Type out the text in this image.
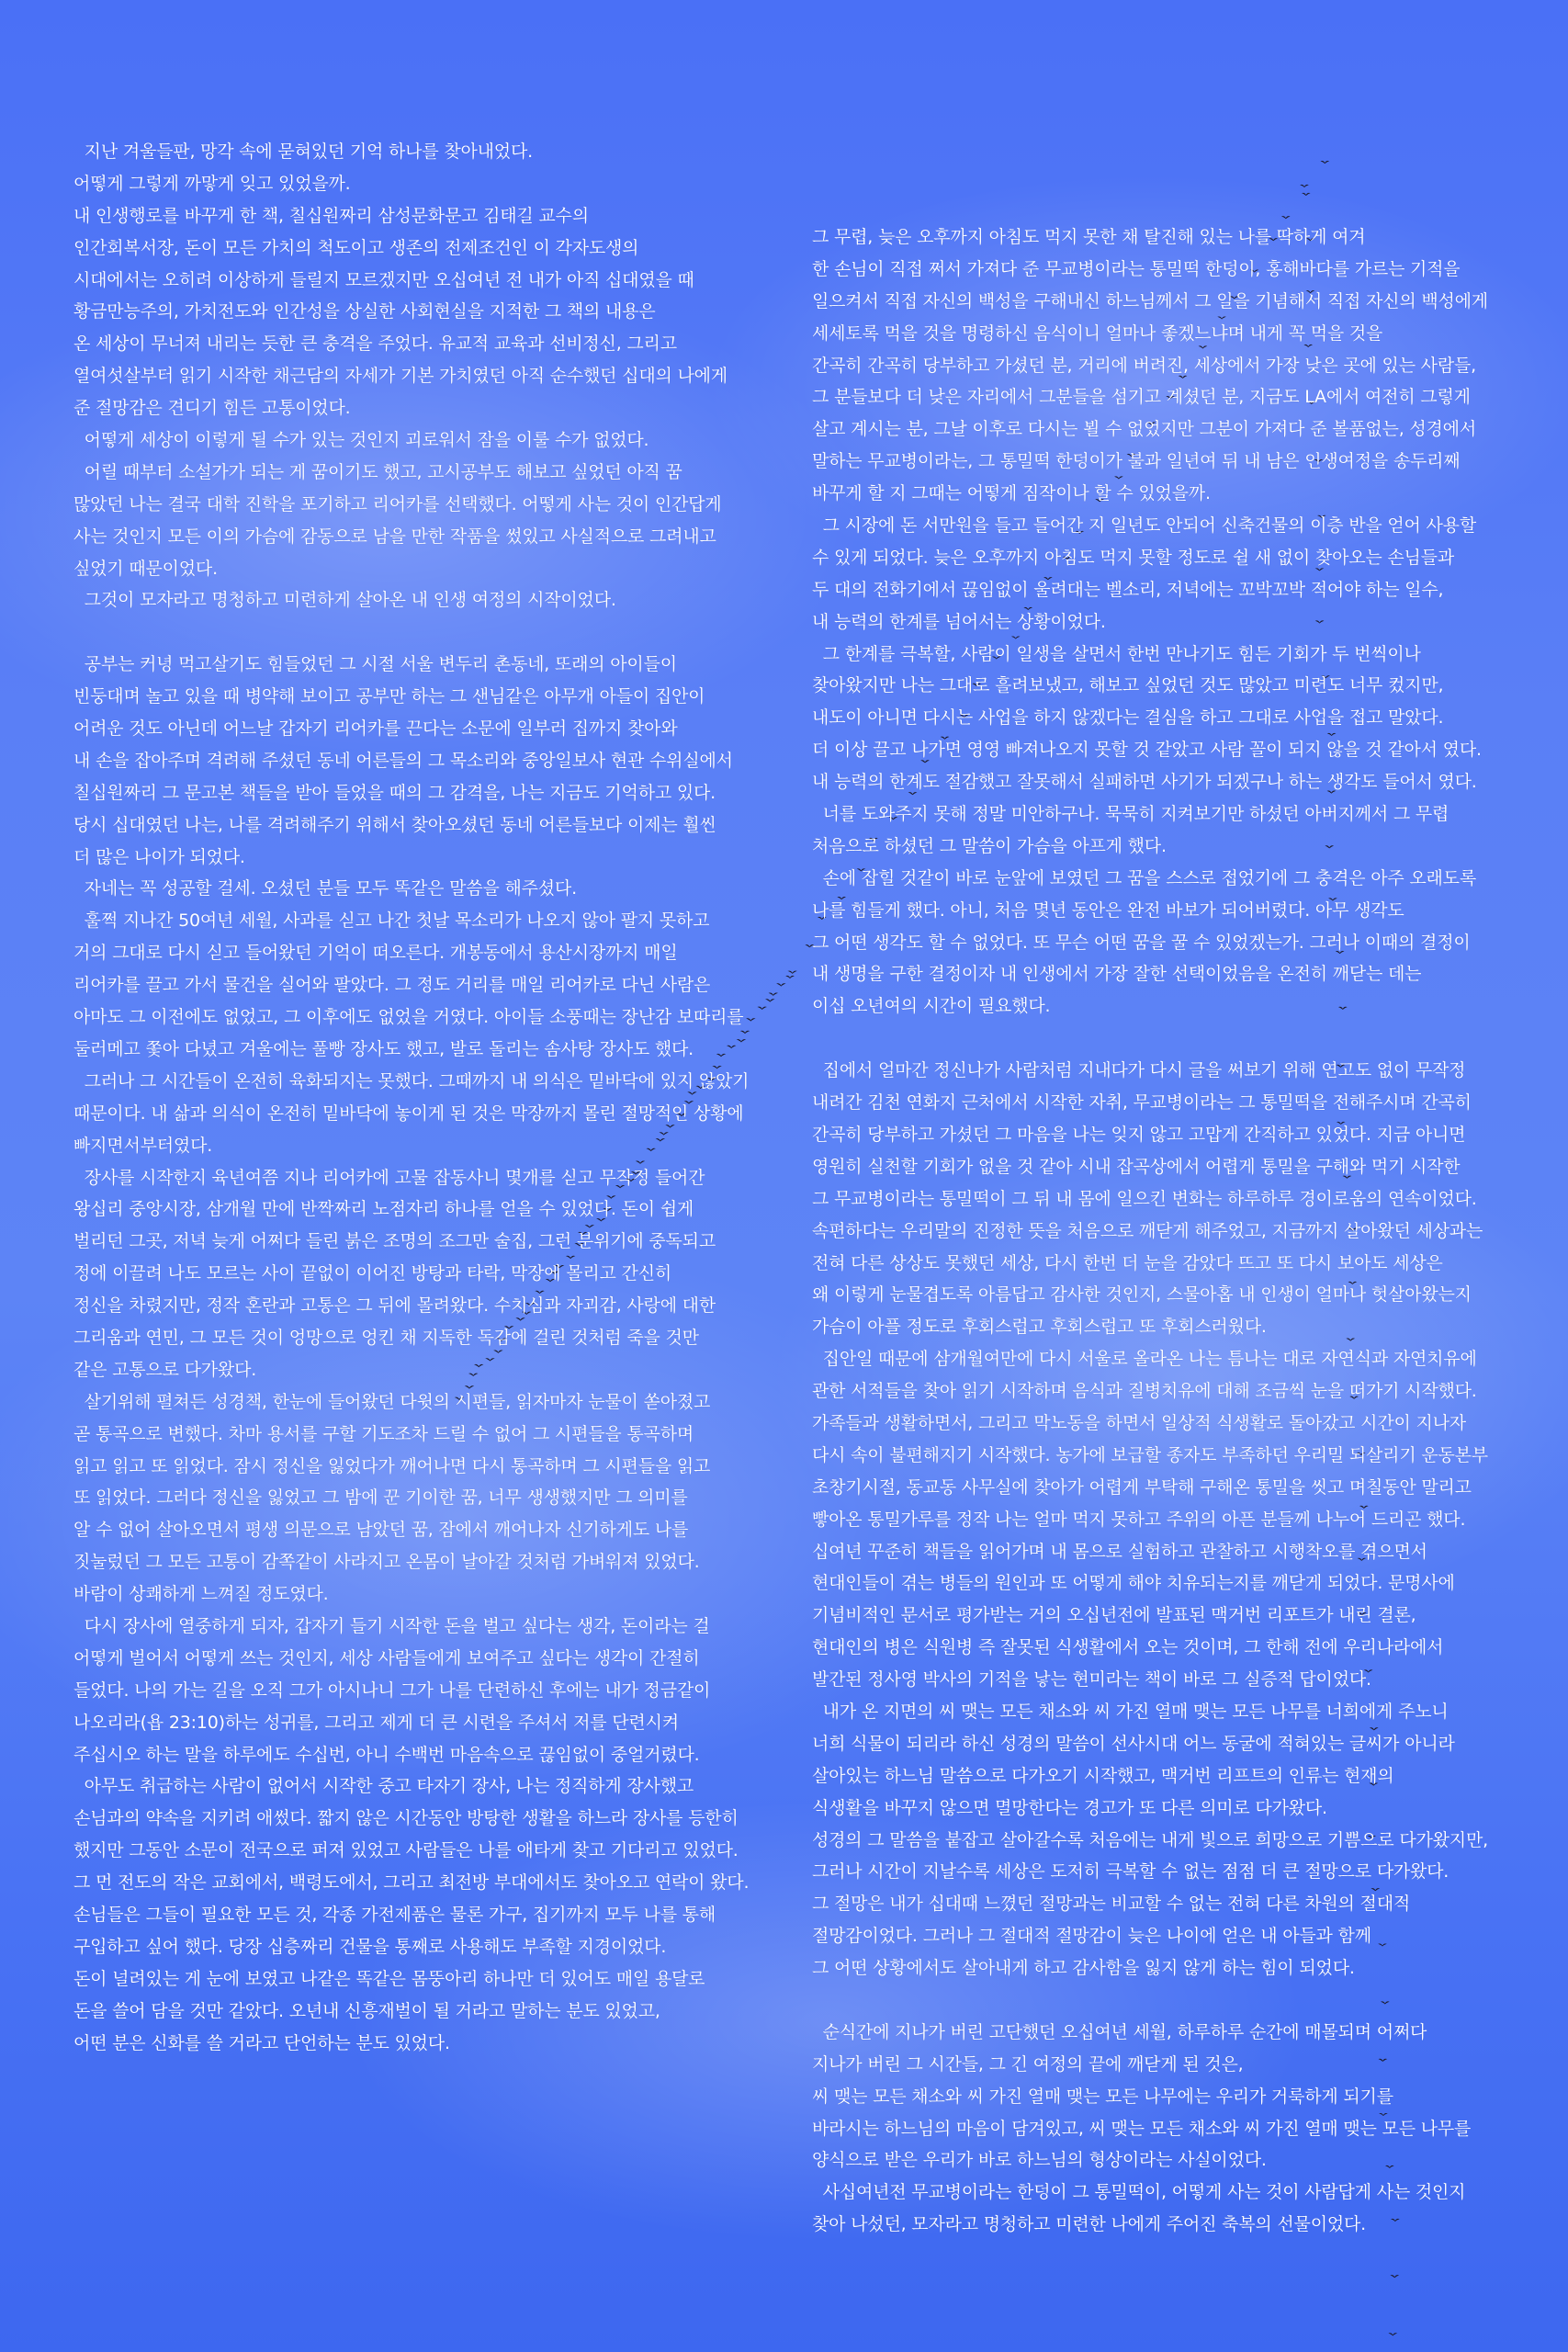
지난 겨울들판, 망각 속에 묻혀있던 기억 하나를 찾아내었다.
어떻게 그렇게 까맣게 잊고 있었을까.
내 인생행로를 바꾸게 한 책, 칠십원짜리 삼성문화문고 김태길 교수의
인간회복서장, 돈이 모든 가치의 척도이고 생존의 전제조건인 이 각자도생의
시대에서는 오히려 이상하게 들릴지 모르겠지만 오십여년 전 내가 아직 십대였을 때
황금만능주의, 가치전도와 인간성을 상실한 사회현실을 지적한 그 책의 내용은
온 세상이 무너져 내리는 듯한 큰 충격을 주었다. 유교적 교육과 선비정신, 그리고
열여섯살부터 읽기 시작한 채근담의 자세가 기본 가치였던 아직 순수했던 십대의 나에게
준 절망감은 견디기 힘든 고통이었다.
어떻게 세상이 이렇게 될 수가 있는 것인지 괴로워서 잠을 이룰 수가 없었다.
어릴 때부터 소설가가 되는 게 꿈이기도 했고, 고시공부도 해보고 싶었던 아직 꿈
많았던 나는 결국 대학 진학을 포기하고 리어카를 선택했다. 어떻게 사는 것이 인간답게
사는 것인지 모든 이의 가슴에 감동으로 남을 만한 작품을 썼있고 사실적으로 그려내고
싶었기 때문이었다.
그것이 모자라고 명청하고 미련하게 살아온 내 인생 여정의 시작이었다.

공부는 커녕 먹고살기도 힘들었던 그 시절 서울 변두리 촌동네, 또래의 아이들이
빈둥대며 놀고 있을 때 병약해 보이고 공부만 하는 그 샌님같은 아무개 아들이 집안이
어려운 것도 아닌데 어느날 갑자기 리어카를 끈다는 소문에 일부러 집까지 찾아와
내 손을 잡아주며 격려해 주셨던 동네 어른들의 그 목소리와 중앙일보사 현관 수위실에서
칠십원짜리 그 문고본 책들을 받아 들었을 때의 그 감격을, 나는 지금도 기억하고 있다.
당시 십대였던 나는, 나를 격려해주기 위해서 찾아오셨던 동네 어른들보다 이제는 훨씬
더 많은 나이가 되었다.
자네는 꼭 성공할 걸세. 오셨던 분들 모두 똑같은 말씀을 해주셨다.
훌쩍 지나간 50여년 세월, 사과를 싣고 나간 첫날 목소리가 나오지 않아 팔지 못하고
거의 그대로 다시 싣고 들어왔던 기억이 떠오른다. 개봉동에서 용산시장까지 매일
리어카를 끌고 가서 물건을 실어와 팔았다. 그 정도 거리를 매일 리어카로 다닌 사람은
아마도 그 이전에도 없었고, 그 이후에도 없었을 거였다. 아이들 소풍때는 장난감 보따리를
둘러메고 쫓아 다녔고 겨울에는 풀빵 장사도 했고, 발로 돌리는 솜사탕 장사도 했다.
그러나 그 시간들이 온전히 육화되지는 못했다. 그때까지 내 의식은 밑바닥에 있지 않았기
때문이다. 내 삶과 의식이 온전히 밑바닥에 놓이게 된 것은 막장까지 몰린 절망적인 상황에
빠지면서부터였다.
장사를 시작한지 육년여쯤 지나 리어카에 고물 잡동사니 몇개를 싣고 무작정 들어간
왕십리 중앙시장, 삼개월 만에 반짝짜리 노점자리 하나를 얻을 수 있었다. 돈이 쉽게
벌리던 그곳, 저녁 늦게 어쩌다 들린 붉은 조명의 조그만 술집, 그런 분위기에 중독되고
정에 이끌려 나도 모르는 사이 끝없이 이어진 방탕과 타락, 막장에 몰리고 간신히
정신을 차렸지만, 정작 혼란과 고통은 그 뒤에 몰려왔다. 수치심과 자괴감, 사랑에 대한
그리움과 연민, 그 모든 것이 엉망으로 엉킨 채 지독한 독감에 걸린 것처럼 죽을 것만
같은 고통으로 다가왔다.
살기위해 펼쳐든 성경책, 한눈에 들어왔던 다윗의 시편들, 읽자마자 눈물이 쏟아졌고
곧 통곡으로 변했다. 차마 용서를 구할 기도조차 드릴 수 없어 그 시편들을 통곡하며
읽고 읽고 또 읽었다. 잠시 정신을 잃었다가 깨어나면 다시 통곡하며 그 시편들을 읽고
또 읽었다. 그러다 정신을 잃었고 그 밤에 꾼 기이한 꿈, 너무 생생했지만 그 의미를
알 수 없어 살아오면서 평생 의문으로 남았던 꿈, 잠에서 깨어나자 신기하게도 나를
짓눌렀던 그 모든 고통이 감쪽같이 사라지고 온몸이 날아갈 것처럼 가벼워져 있었다.
바람이 상쾌하게 느껴질 정도였다.
다시 장사에 열중하게 되자, 갑자기 들기 시작한 돈을 벌고 싶다는 생각, 돈이라는 걸
어떻게 벌어서 어떻게 쓰는 것인지, 세상 사람들에게 보여주고 싶다는 생각이 간절히
들었다. 나의 가는 길을 오직 그가 아시나니 그가 나를 단련하신 후에는 내가 정금같이
나오리라(욥 23:10)하는 성귀를, 그리고 제게 더 큰 시련을 주셔서 저를 단련시켜
주십시오 하는 말을 하루에도 수십번, 아니 수백번 마음속으로 끊임없이 중얼거렸다.
아무도 취급하는 사람이 없어서 시작한 중고 타자기 장사, 나는 정직하게 장사했고
손님과의 약속을 지키려 애썼다. 짧지 않은 시간동안 방탕한 생활을 하느라 장사를 등한히
했지만 그동안 소문이 전국으로 퍼져 있었고 사람들은 나를 애타게 찾고 기다리고 있었다.
그 먼 전도의 작은 교회에서, 백령도에서, 그리고 최전방 부대에서도 찾아오고 연락이 왔다.
손님들은 그들이 필요한 모든 것, 각종 가전제품은 물론 가구, 집기까지 모두 나를 통해
구입하고 싶어 했다. 당장 십층짜리 건물을 통째로 사용해도 부족할 지경이었다.
돈이 널려있는 게 눈에 보였고 나같은 똑같은 몸뚱아리 하나만 더 있어도 매일 용달로
돈을 쓸어 담을 것만 같았다. 오년내 신흥재벌이 될 거라고 말하는 분도 있었고,
어떤 분은 신화를 쓸 거라고 단언하는 분도 있었다.
그 무렵, 늦은 오후까지 아침도 먹지 못한 채 탈진해 있는 나를 딱하게 여겨
한 손님이 직접 쩌서 가져다 준 무교병이라는 통밀떡 한덩이, 홍해바다를 가르는 기적을
일으켜서 직접 자신의 백성을 구해내신 하느님께서 그 일을 기념해서 직접 자신의 백성에게
세세토록 먹을 것을 명령하신 음식이니 얼마나 좋겠느냐며 내게 꼭 먹을 것을
간곡히 간곡히 당부하고 가셨던 분, 거리에 버려진, 세상에서 가장 낮은 곳에 있는 사람들,
그 분들보다 더 낮은 자리에서 그분들을 섬기고 계셨던 분, 지금도 LA에서 여전히 그렇게
살고 계시는 분, 그날 이후로 다시는 뵐 수 없었지만 그분이 가져다 준 볼품없는, 성경에서
말하는 무교병이라는, 그 통밀떡 한덩이가 불과 일년여 뒤 내 남은 인생여정을 송두리째
바꾸게 할 지 그때는 어떻게 짐작이나 할 수 있었을까.
그 시장에 돈 서만원을 들고 들어간 지 일년도 안되어 신축건물의 이층 반을 얻어 사용할
수 있게 되었다. 늦은 오후까지 아침도 먹지 못할 정도로 쉴 새 없이 찾아오는 손님들과
두 대의 전화기에서 끊임없이 울려대는 벨소리, 저녁에는 꼬박꼬박 적어야 하는 일수,
내 능력의 한계를 넘어서는 상황이었다.
그 한계를 극복할, 사람이 일생을 살면서 한번 만나기도 힘든 기회가 두 번씩이나
찾아왔지만 나는 그대로 흘려보냈고, 해보고 싶었던 것도 많았고 미련도 너무 컸지만,
내도이 아니면 다시는 사업을 하지 않겠다는 결심을 하고 그대로 사업을 접고 말았다.
더 이상 끌고 나가면 영영 빠져나오지 못할 것 같았고 사람 꼴이 되지 않을 것 같아서 였다.
내 능력의 한계도 절감했고 잘못해서 실패하면 사기가 되겠구나 하는 생각도 들어서 였다.
너를 도와주지 못해 정말 미안하구나. 묵묵히 지켜보기만 하셨던 아버지께서 그 무렵
처음으로 하셨던 그 말씀이 가슴을 아프게 했다.
손에 잡힐 것같이 바로 눈앞에 보였던 그 꿈을 스스로 접었기에 그 충격은 아주 오래도록
나를 힘들게 했다. 아니, 처음 몇년 동안은 완전 바보가 되어버렸다. 아무 생각도
그 어떤 생각도 할 수 없었다. 또 무슨 어떤 꿈을 꿀 수 있었겠는가. 그러나 이때의 결정이
내 생명을 구한 결정이자 내 인생에서 가장 잘한 선택이었음을 온전히 깨닫는 데는
이십 오년여의 시간이 필요했다.

집에서 얼마간 정신나가 사람처럼 지내다가 다시 글을 써보기 위해 연고도 없이 무작정
내려간 김천 연화지 근처에서 시작한 자취, 무교병이라는 그 통밀떡을 전해주시며 간곡히
간곡히 당부하고 가셨던 그 마음을 나는 잊지 않고 고맙게 간직하고 있었다. 지금 아니면
영원히 실천할 기회가 없을 것 같아 시내 잡곡상에서 어렵게 통밀을 구해와 먹기 시작한
그 무교병이라는 통밀떡이 그 뒤 내 몸에 일으킨 변화는 하루하루 경이로움의 연속이었다.
속편하다는 우리말의 진정한 뜻을 처음으로 깨닫게 해주었고, 지금까지 살아왔던 세상과는
전혀 다른 상상도 못했던 세상, 다시 한번 더 눈을 감았다 뜨고 또 다시 보아도 세상은
왜 이렇게 눈물겹도록 아름답고 감사한 것인지, 스물아홉 내 인생이 얼마나 헛살아왔는지
가슴이 아플 정도로 후회스럽고 후회스럽고 또 후회스러웠다.
집안일 때문에 삼개월여만에 다시 서울로 올라온 나는 틈나는 대로 자연식과 자연치유에
관한 서적들을 찾아 읽기 시작하며 음식과 질병치유에 대해 조금씩 눈을 떠가기 시작했다.
가족들과 생활하면서, 그리고 막노동을 하면서 일상적 식생활로 돌아갔고 시간이 지나자
다시 속이 불편해지기 시작했다. 농가에 보급할 종자도 부족하던 우리밀 되살리기 운동본부
초창기시절, 동교동 사무실에 찾아가 어렵게 부탁해 구해온 통밀을 씻고 며칠동안 말리고
빻아온 통밀가루를 정작 나는 얼마 먹지 못하고 주위의 아픈 분들께 나누어 드리곤 했다.
십여년 꾸준히 책들을 읽어가며 내 몸으로 실험하고 관찰하고 시행착오를 겪으면서
현대인들이 겪는 병들의 원인과 또 어떻게 해야 치유되는지를 깨닫게 되었다. 문명사에
기념비적인 문서로 평가받는 거의 오십년전에 발표된 맥거번 리포트가 내린 결론,
현대인의 병은 식원병 즉 잘못된 식생활에서 오는 것이며, 그 한해 전에 우리나라에서
발간된 정사영 박사의 기적을 낳는 현미라는 책이 바로 그 실증적 답이었다.
내가 온 지면의 씨 맺는 모든 채소와 씨 가진 열매 맺는 모든 나무를 너희에게 주노니
너희 식물이 되리라 하신 성경의 말씀이 선사시대 어느 동굴에 적혀있는 글씨가 아니라
살아있는 하느님 말씀으로 다가오기 시작했고, 맥거번 리프트의 인류는 현재의
식생활을 바꾸지 않으면 멸망한다는 경고가 또 다른 의미로 다가왔다.
성경의 그 말씀을 붙잡고 살아갈수록 처음에는 내게 빛으로 희망으로 기쁨으로 다가왔지만,
그러나 시간이 지날수록 세상은 도저히 극복할 수 없는 점점 더 큰 절망으로 다가왔다.
그 절망은 내가 십대때 느꼈던 절망과는 비교할 수 없는 전혀 다른 차원의 절대적
절망감이었다. 그러나 그 절대적 절망감이 늦은 나이에 얻은 내 아들과 함께
그 어떤 상황에서도 살아내게 하고 감사함을 잃지 않게 하는 힘이 되었다.

순식간에 지나가 버린 고단했던 오십여년 세월, 하루하루 순간에 매몰되며 어쩌다
지나가 버린 그 시간들, 그 긴 여정의 끝에 깨닫게 된 것은,
씨 맺는 모든 채소와 씨 가진 열매 맺는 모든 나무에는 우리가 거룩하게 되기를
바라시는 하느님의 마음이 담겨있고, 씨 맺는 모든 채소와 씨 가진 열매 맺는 모든 나무를
양식으로 받은 우리가 바로 하느님의 형상이라는 사실이었다.
사십여년전 무교병이라는 한덩이 그 통밀떡이, 어떻게 사는 것이 사람답게 사는 것인지
찾아 나섰던, 모자라고 명청하고 미련한 나에게 주어진 축복의 선물이었다.
